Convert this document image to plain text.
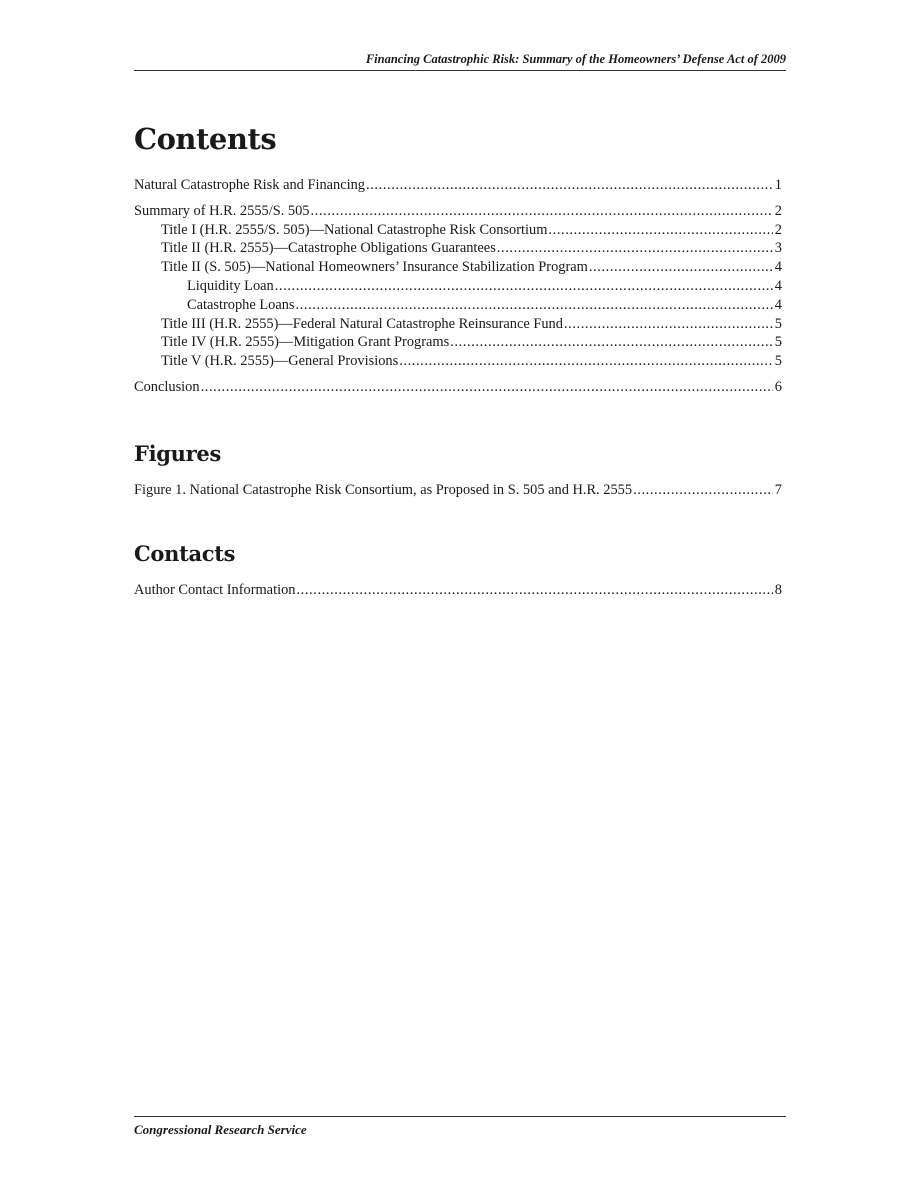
Financing Catastrophic Risk: Summary of the Homeowners’ Defense Act of 2009
Contents
Natural Catastrophe Risk and Financing .....	1
Summary of H.R. 2555/S. 505 .....	2
Title I (H.R. 2555/S. 505)—National Catastrophe Risk Consortium .....	2
Title II (H.R. 2555)—Catastrophe Obligations Guarantees .....	3
Title II (S. 505)—National Homeowners’ Insurance Stabilization Program .....	4
Liquidity Loan .....	4
Catastrophe Loans .....	4
Title III (H.R. 2555)—Federal Natural Catastrophe Reinsurance Fund .....	5
Title IV (H.R. 2555)—Mitigation Grant Programs .....	5
Title V (H.R. 2555)—General Provisions .....	5
Conclusion .....	6
Figures
Figure 1. National Catastrophe Risk Consortium, as Proposed in S. 505 and H.R. 2555 .....	7
Contacts
Author Contact Information .....	8
Congressional Research Service
